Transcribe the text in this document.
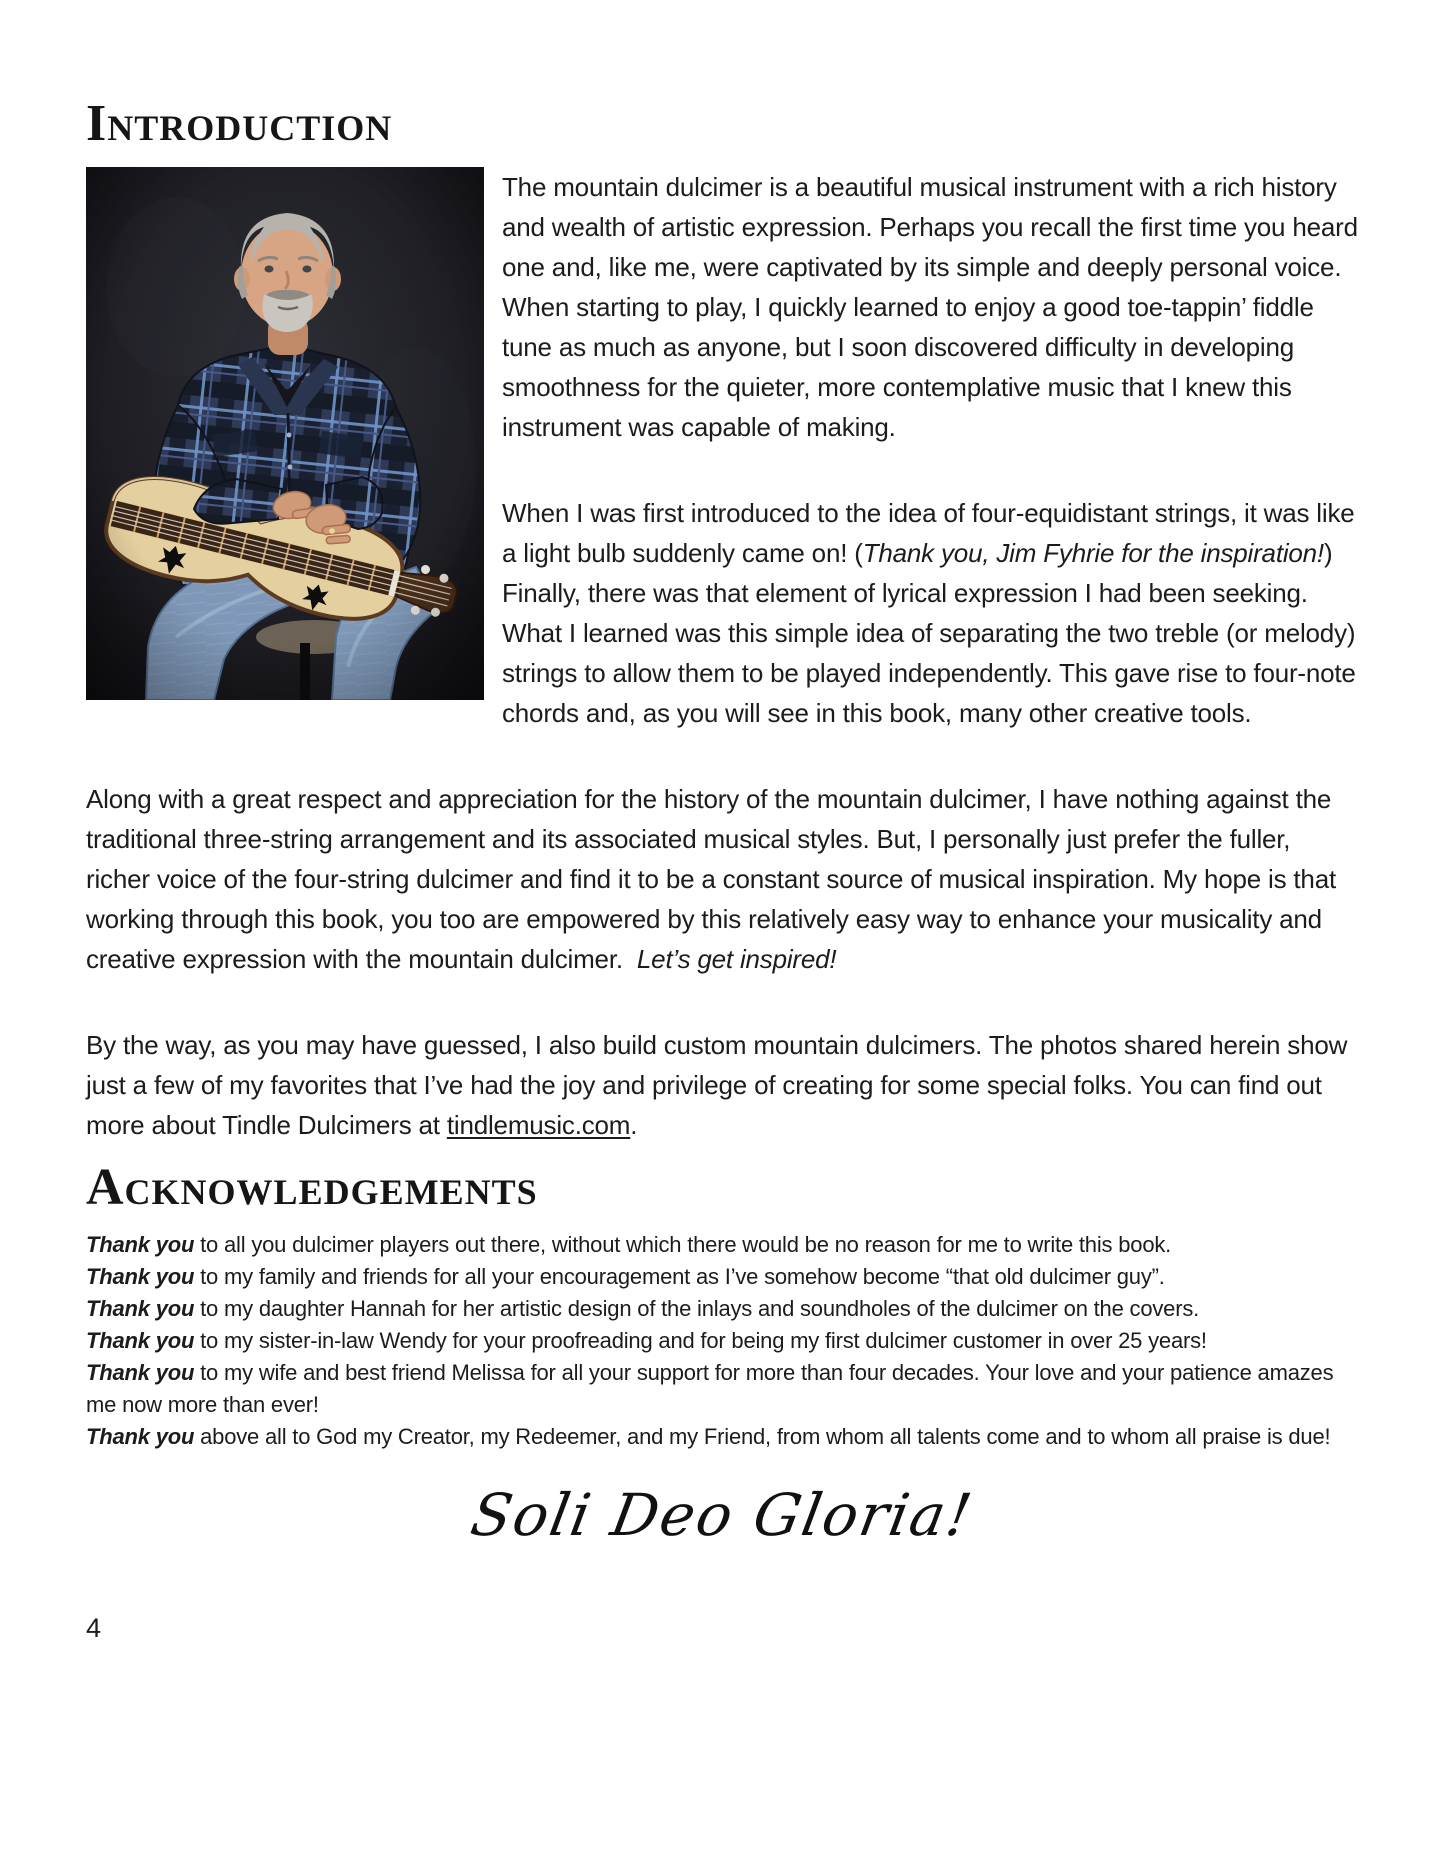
Introduction

The mountain dulcimer is a beautiful musical instrument with a rich history and wealth of artistic expression. Perhaps you recall the first time you heard one and, like me, were captivated by its simple and deeply personal voice. When starting to play, I quickly learned to enjoy a good toe-tappin’ fiddle tune as much as anyone, but I soon discovered difficulty in developing smoothness for the quieter, more contemplative music that I knew this instrument was capable of making.

When I was first introduced to the idea of four-equidistant strings, it was like a light bulb suddenly came on! (Thank you, Jim Fyhrie for the inspiration!) Finally, there was that element of lyrical expression I had been seeking. What I learned was this simple idea of separating the two treble (or melody) strings to allow them to be played independently. This gave rise to four-note chords and, as you will see in this book, many other creative tools.

Along with a great respect and appreciation for the history of the mountain dulcimer, I have nothing against the traditional three-string arrangement and its associated musical styles. But, I personally just prefer the fuller, richer voice of the four-string dulcimer and find it to be a constant source of musical inspiration. My hope is that working through this book, you too are empowered by this relatively easy way to enhance your musicality and creative expression with the mountain dulcimer.  Let’s get inspired!

By the way, as you may have guessed, I also build custom mountain dulcimers. The photos shared herein show just a few of my favorites that I’ve had the joy and privilege of creating for some special folks. You can find out more about Tindle Dulcimers at tindlemusic.com.

Acknowledgements

Thank you to all you dulcimer players out there, without which there would be no reason for me to write this book.

Thank you to my family and friends for all your encouragement as I’ve somehow become “that old dulcimer guy”.

Thank you to my daughter Hannah for her artistic design of the inlays and soundholes of the dulcimer on the covers.

Thank you to my sister-in-law Wendy for your proofreading and for being my first dulcimer customer in over 25 years!

Thank you to my wife and best friend Melissa for all your support for more than four decades. Your love and your patience amazes me now more than ever!

Thank you above all to God my Creator, my Redeemer, and my Friend, from whom all talents come and to whom all praise is due!

Soli Deo Gloria!
4
